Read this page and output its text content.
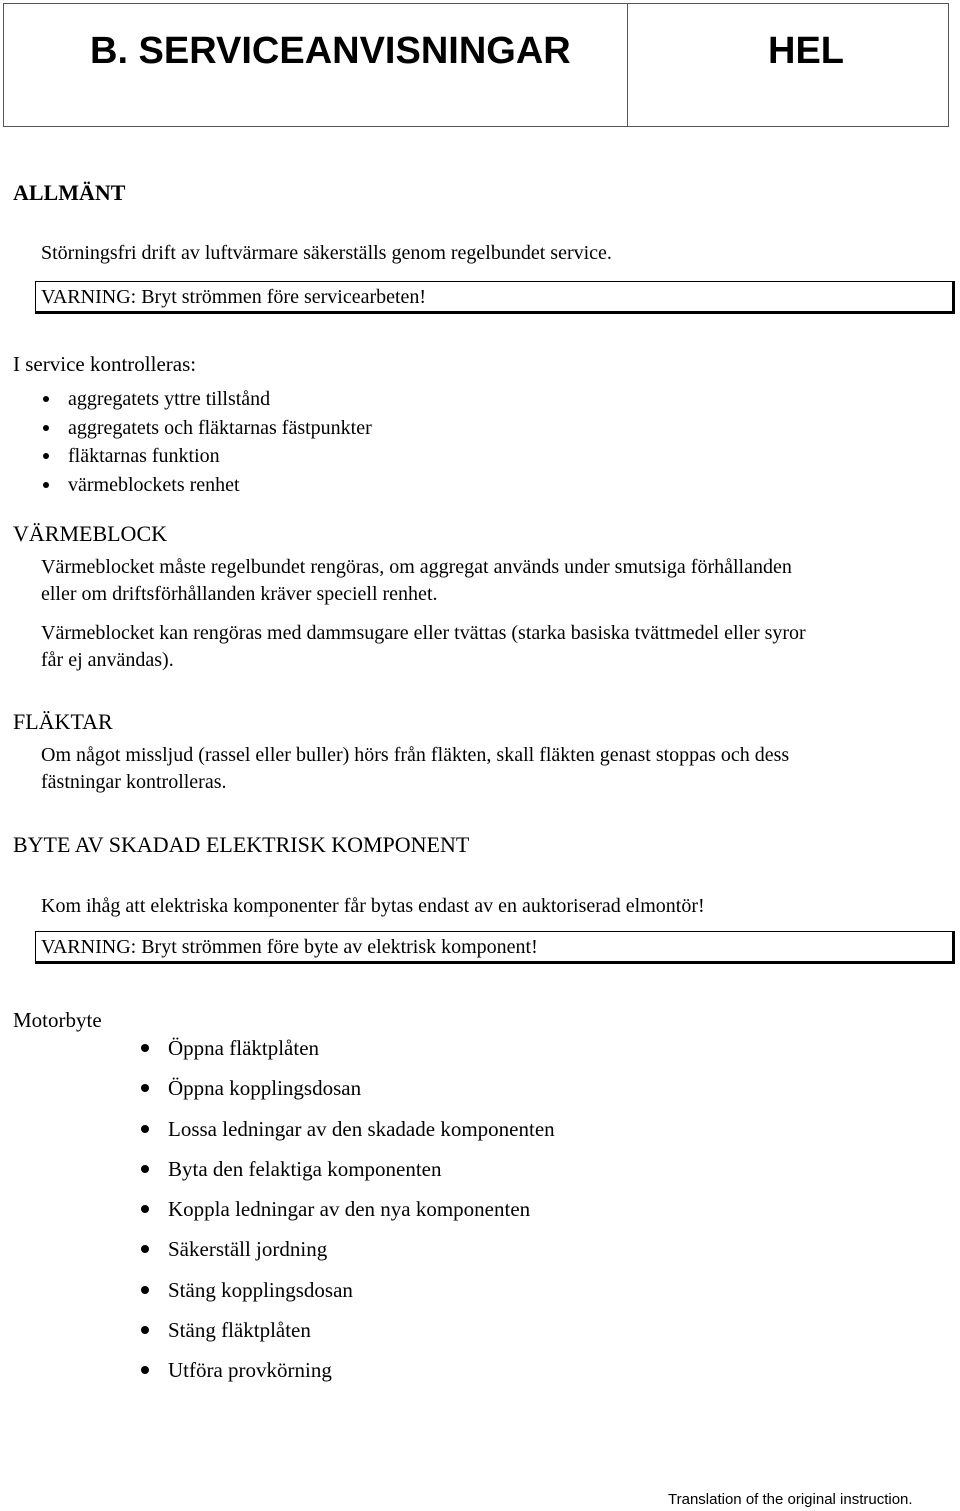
B. SERVICEANVISNINGAR	HEL
ALLMÄNT
Störningsfri drift av luftvärmare säkerställs genom regelbundet service.
VARNING: Bryt strömmen före servicearbeten!
I service kontrolleras:
aggregatets yttre tillstånd
aggregatets och fläktarnas fästpunkter
fläktarnas funktion
värmeblockets renhet
VÄRMEBLOCK
Värmeblocket måste regelbundet rengöras, om aggregat används under smutsiga förhållanden
eller om driftsförhållanden kräver speciell renhet.
Värmeblocket kan rengöras med dammsugare eller tvättas (starka basiska tvättmedel eller syror
får ej användas).
FLÄKTAR
Om något missljud (rassel eller buller) hörs från fläkten, skall fläkten genast stoppas och dess
fästningar kontrolleras.
BYTE AV SKADAD ELEKTRISK KOMPONENT
Kom ihåg att elektriska komponenter får bytas endast av en auktoriserad elmontör!
VARNING: Bryt strömmen före byte av elektrisk komponent!
Motorbyte
Öppna fläktplåten
Öppna kopplingsdosan
Lossa ledningar av den skadade komponenten
Byta den felaktiga komponenten
Koppla ledningar av den nya komponenten
Säkerställ jordning
Stäng kopplingsdosan
Stäng fläktplåten
Utföra provkörning
Translation of the original instruction.
